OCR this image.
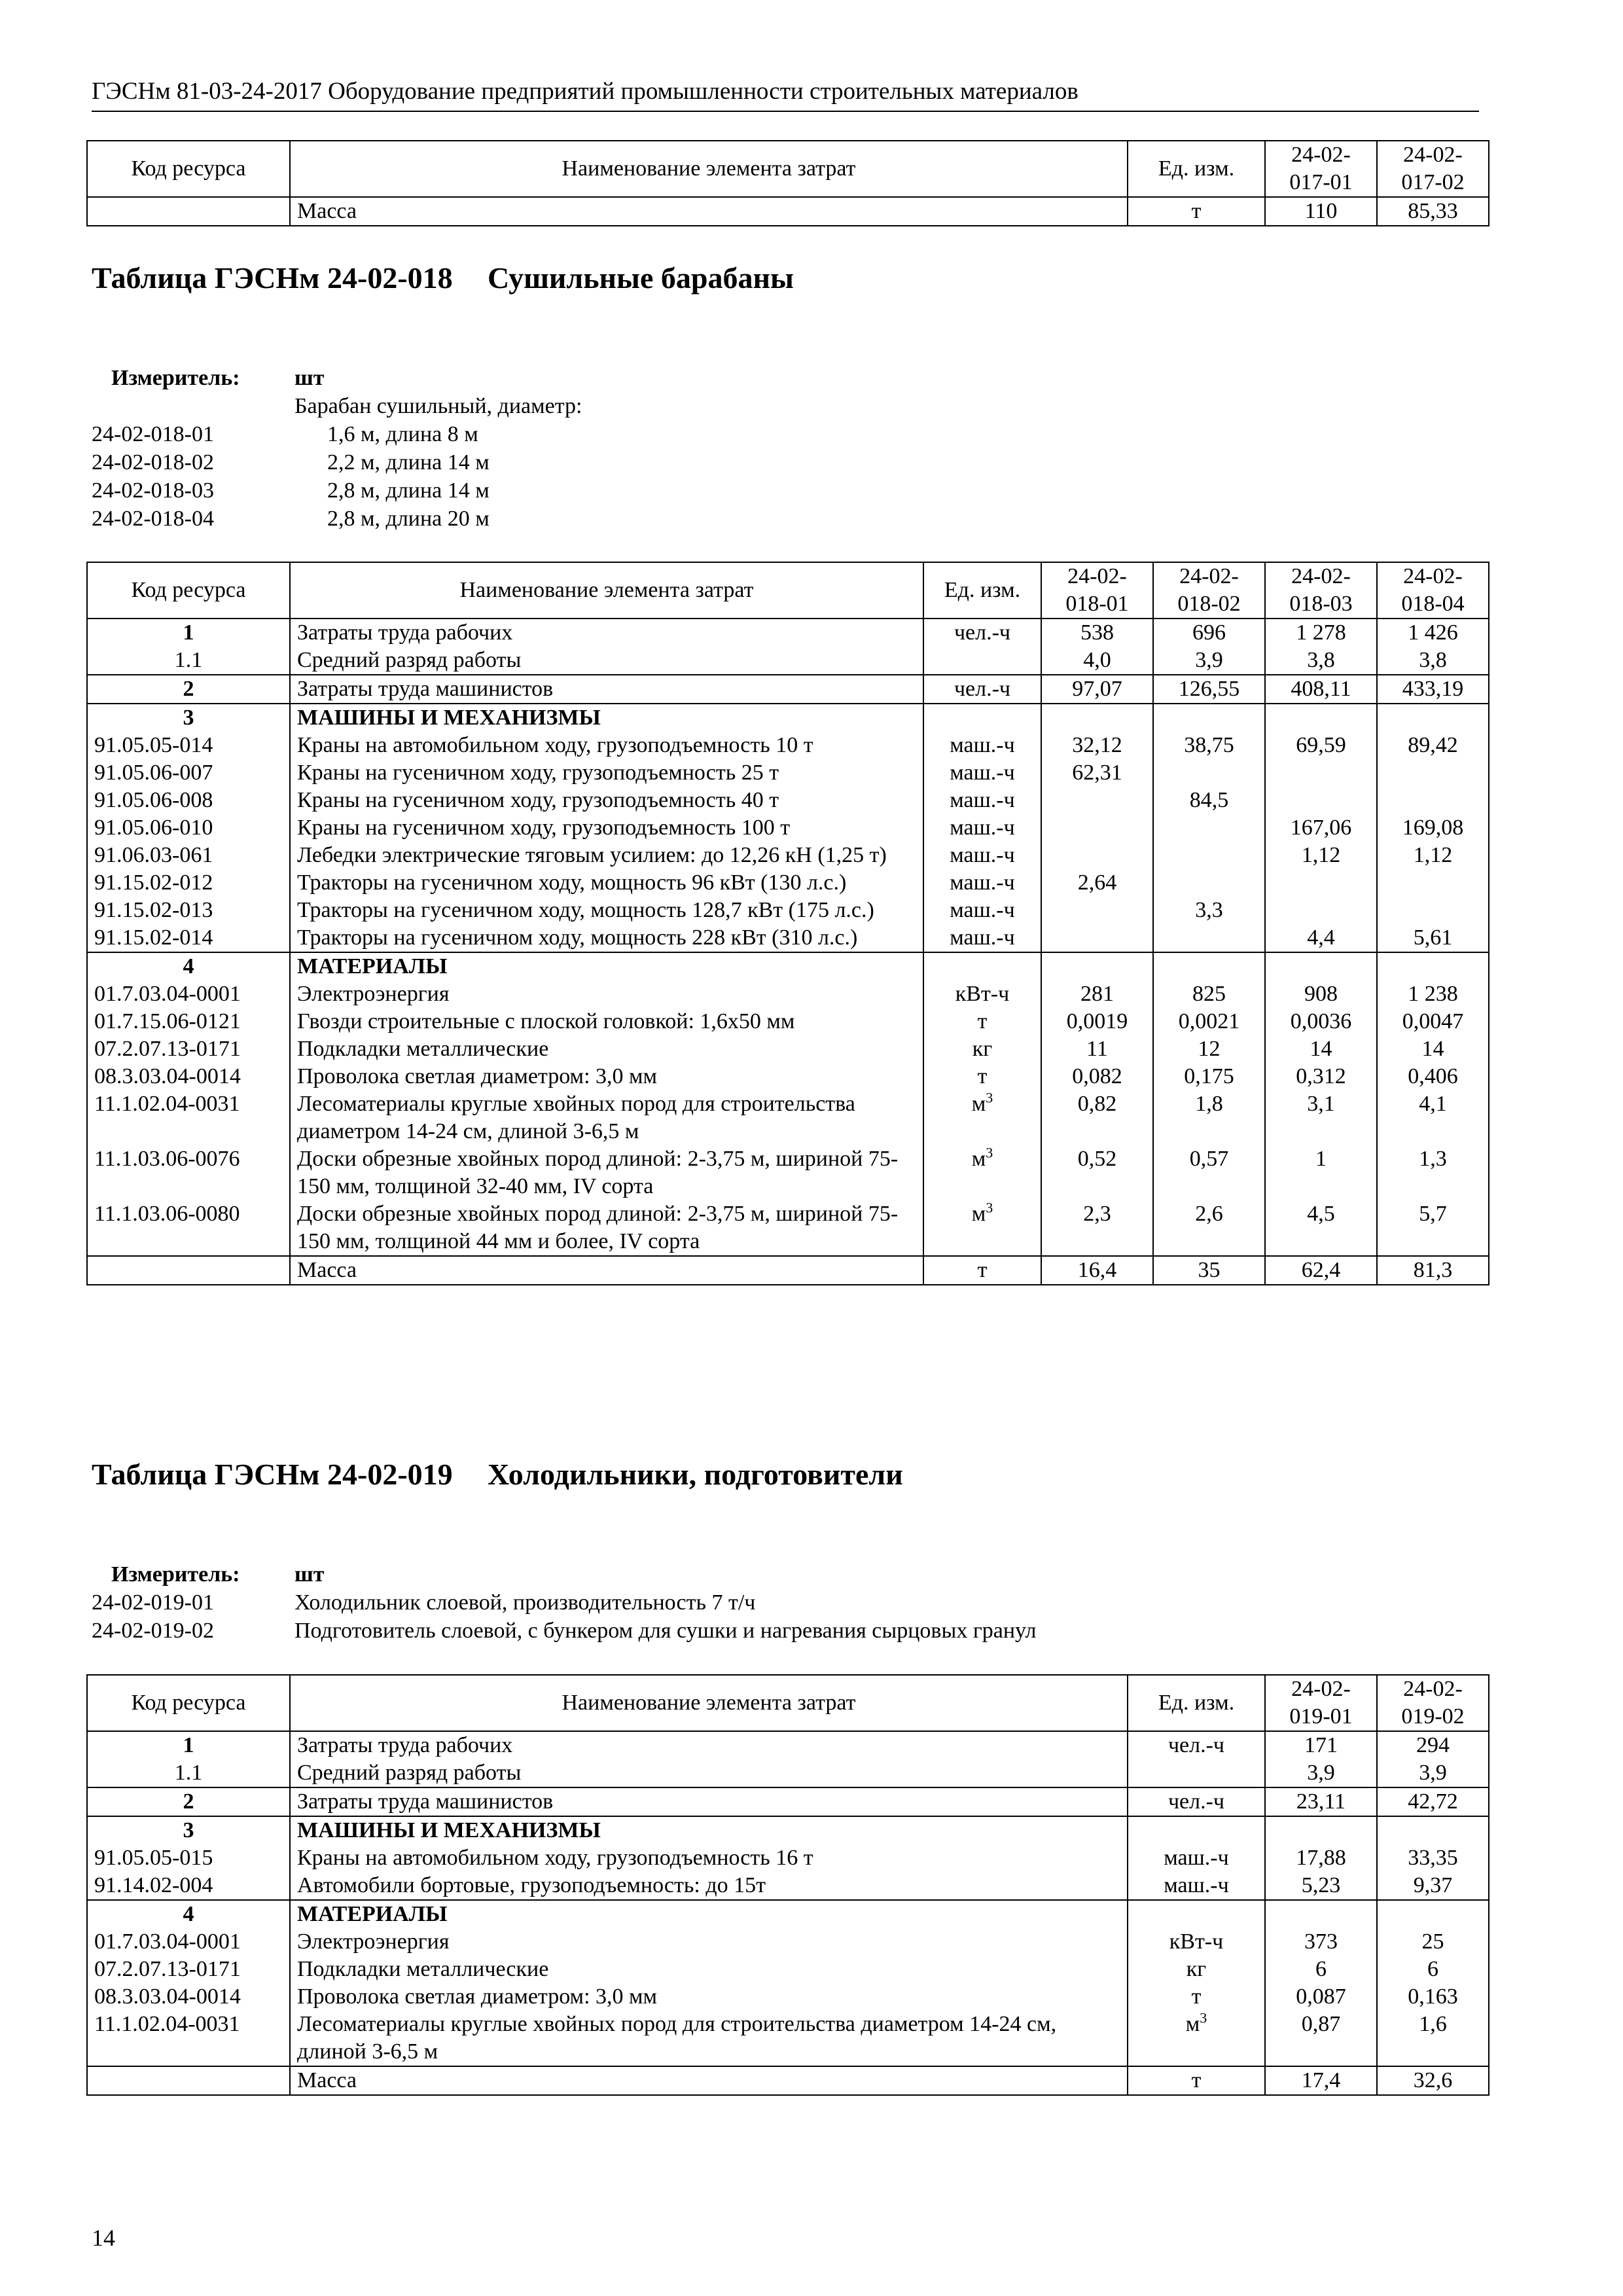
ГЭСНм 81-03-24-2017 Оборудование предприятий промышленности строительных материалов
Код ресурса	Наименование элемента затрат	Ед. изм.	24-02-017-01	24-02-017-02
	Масса	т	110	85,33
Таблица ГЭСНм 24-02-018	Сушильные барабаны
Измеритель: шт
Барабан сушильный, диаметр:
24-02-018-01	1,6 м, длина 8 м
24-02-018-02	2,2 м, длина 14 м
24-02-018-03	2,8 м, длина 14 м
24-02-018-04	2,8 м, длина 20 м
Код ресурса	Наименование элемента затрат	Ед. изм.	24-02-018-01	24-02-018-02	24-02-018-03	24-02-018-04
1	Затраты труда рабочих	чел.-ч	538	696	1 278	1 426
1.1	Средний разряд работы		4,0	3,9	3,8	3,8
2	Затраты труда машинистов	чел.-ч	97,07	126,55	408,11	433,19
3	МАШИНЫ И МЕХАНИЗМЫ					
91.05.05-014	Краны на автомобильном ходу, грузоподъемность 10 т	маш.-ч	32,12	38,75	69,59	89,42
91.05.06-007	Краны на гусеничном ходу, грузоподъемность 25 т	маш.-ч	62,31			
91.05.06-008	Краны на гусеничном ходу, грузоподъемность 40 т	маш.-ч		84,5		
91.05.06-010	Краны на гусеничном ходу, грузоподъемность 100 т	маш.-ч			167,06	169,08
91.06.03-061	Лебедки электрические тяговым усилием: до 12,26 кН (1,25 т)	маш.-ч			1,12	1,12
91.15.02-012	Тракторы на гусеничном ходу, мощность 96 кВт (130 л.с.)	маш.-ч	2,64			
91.15.02-013	Тракторы на гусеничном ходу, мощность 128,7 кВт (175 л.с.)	маш.-ч		3,3		
91.15.02-014	Тракторы на гусеничном ходу, мощность 228 кВт (310 л.с.)	маш.-ч			4,4	5,61
4	МАТЕРИАЛЫ					
01.7.03.04-0001	Электроэнергия	кВт-ч	281	825	908	1 238
01.7.15.06-0121	Гвозди строительные с плоской головкой: 1,6x50 мм	т	0,0019	0,0021	0,0036	0,0047
07.2.07.13-0171	Подкладки металлические	кг	11	12	14	14
08.3.03.04-0014	Проволока светлая диаметром: 3,0 мм	т	0,082	0,175	0,312	0,406
11.1.02.04-0031	Лесоматериалы круглые хвойных пород для строительства диаметром 14-24 см, длиной 3-6,5 м	$м^3$	0,82	1,8	3,1	4,1
11.1.03.06-0076	Доски обрезные хвойных пород длиной: 2-3,75 м, шириной 75-150 мм, толщиной 32-40 мм, IV сорта	$м^3$	0,52	0,57	1	1,3
11.1.03.06-0080	Доски обрезные хвойных пород длиной: 2-3,75 м, шириной 75-150 мм, толщиной 44 мм и более, IV сорта	$м^3$	2,3	2,6	4,5	5,7
	Масса	т	16,4	35	62,4	81,3
Таблица ГЭСНм 24-02-019	Холодильники, подготовители
Измеритель: шт
24-02-019-01	Холодильник слоевой, производительность 7 т/ч
24-02-019-02	Подготовитель слоевой, с бункером для сушки и нагревания сырцовых гранул
Код ресурса	Наименование элемента затрат	Ед. изм.	24-02-019-01	24-02-019-02
1	Затраты труда рабочих	чел.-ч	171	294
1.1	Средний разряд работы		3,9	3,9
2	Затраты труда машинистов	чел.-ч	23,11	42,72
3	МАШИНЫ И МЕХАНИЗМЫ			
91.05.05-015	Краны на автомобильном ходу, грузоподъемность 16 т	маш.-ч	17,88	33,35
91.14.02-004	Автомобили бортовые, грузоподъемность: до 15т	маш.-ч	5,23	9,37
4	МАТЕРИАЛЫ			
01.7.03.04-0001	Электроэнергия	кВт-ч	373	25
07.2.07.13-0171	Подкладки металлические	кг	6	6
08.3.03.04-0014	Проволока светлая диаметром: 3,0 мм	т	0,087	0,163
11.1.02.04-0031	Лесоматериалы круглые хвойных пород для строительства диаметром 14-24 см, длиной 3-6,5 м	$м^3$	0,87	1,6
	Масса	т	17,4	32,6
14
